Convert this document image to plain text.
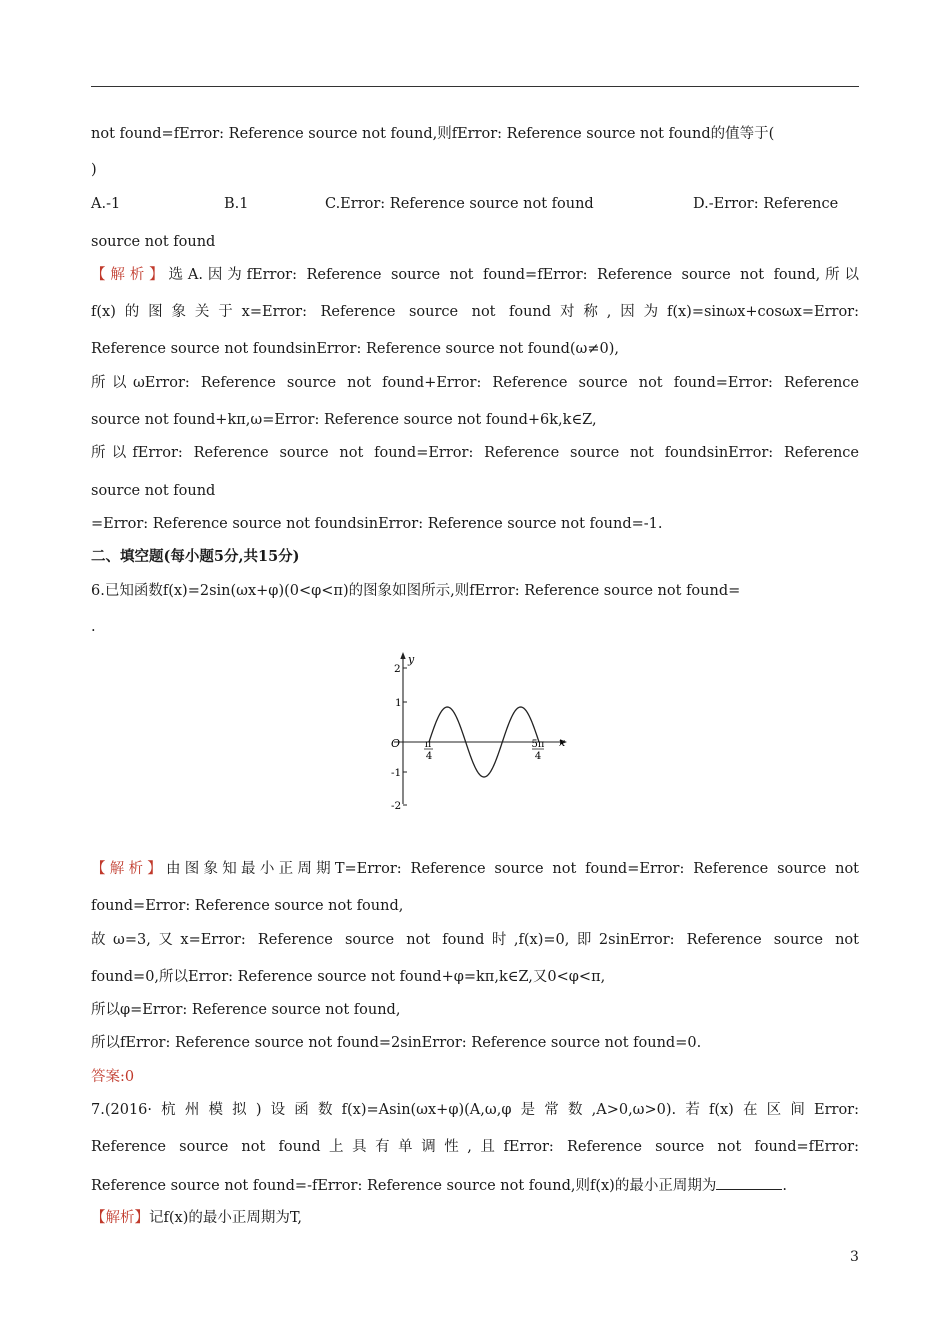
not found=fError: Reference source not found,则fError: Reference source not found的值等于(
)
A.-1	B.1	C.Error: Reference source not found	D.-Error: Reference
source not found
【解析】选A.因为fError: Reference source not found=fError: Reference source not found,所以
f(x)的图象关于x=Error: Reference source not found对称,因为f(x)=sinωx+cosωx=Error:
Reference source not foundsinError: Reference source not found(ω≠0),
所以ωError: Reference source not found+Error: Reference source not found=Error: Reference
source not found+kπ,ω=Error: Reference source not found+6k,k∈Z,
所以fError: Reference source not found=Error: Reference source not foundsinError: Reference
source not found
=Error: Reference source not foundsinError: Reference source not found=-1.
二、填空题(每小题5分,共15分)
6.已知函数f(x)=2sin(ωx+φ)(0<φ<π)的图象如图所示,则fError: Reference source not found=
.
y
x
O
2
1
-1
-2
π
4
5π
4
【解析】由图象知最小正周期T=Error: Reference source not found=Error: Reference source not
found=Error: Reference source not found,
故ω=3,又x=Error: Reference source not found时,f(x)=0,即2sinError: Reference source not
found=0,所以Error: Reference source not found+φ=kπ,k∈Z,又0<φ<π,
所以φ=Error: Reference source not found,
所以fError: Reference source not found=2sinError: Reference source not found=0.
答案:0
7.(2016·杭州模拟)设函数f(x)=Asin(ωx+φ)(A,ω,φ是常数,A>0,ω>0).若f(x)在区间Error:
Reference source not found上具有单调性,且fError: Reference source not found=fError:
Reference source not found=-fError: Reference source not found,则f(x)的最小正周期为	.
【解析】记f(x)的最小正周期为T,
3
